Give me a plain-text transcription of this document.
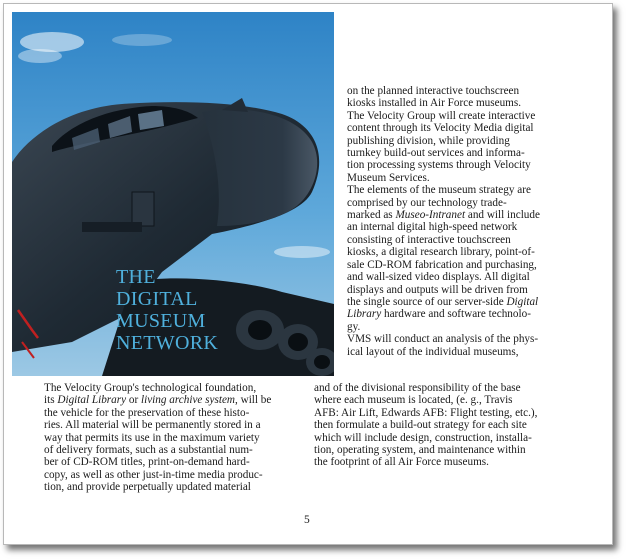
THE
DIGITAL
MUSEUM
NETWORK

on the planned interactive touchscreen

kiosks installed in Air Force museums.

The Velocity Group will create interactive

content through its Velocity Media digital

publishing division, while providing

turnkey build-out services and informa-

tion processing systems through Velocity

Museum Services.

The elements of the museum strategy are

comprised by our technology trade-

marked as Museo-Intranet and will include

an internal digital high-speed network

consisting of interactive touchscreen

kiosks, a digital research library, point-of-

sale CD-ROM fabrication and purchasing,

and wall-sized video displays. All digital

displays and outputs will be driven from

the single source of our server-side Digital

Library hardware and software technolo-

gy.

VMS will conduct an analysis of the phys-

ical layout of the individual museums,

The Velocity Group's technological foundation,

its Digital Library or living archive system, will be

the vehicle for the preservation of these histo-

ries. All material will be permanently stored in a

way that permits its use in the maximum variety

of delivery formats, such as a substantial num-

ber of CD-ROM titles, print-on-demand hard-

copy, as well as other just-in-time media produc-

tion, and provide perpetually updated material

and of the divisional responsibility of the base

where each museum is located, (e. g., Travis

AFB: Air Lift, Edwards AFB: Flight testing, etc.),

then formulate a build-out strategy for each site

which will include design, construction, installa-

tion, operating system, and maintenance within

the footprint of all Air Force museums.

5
